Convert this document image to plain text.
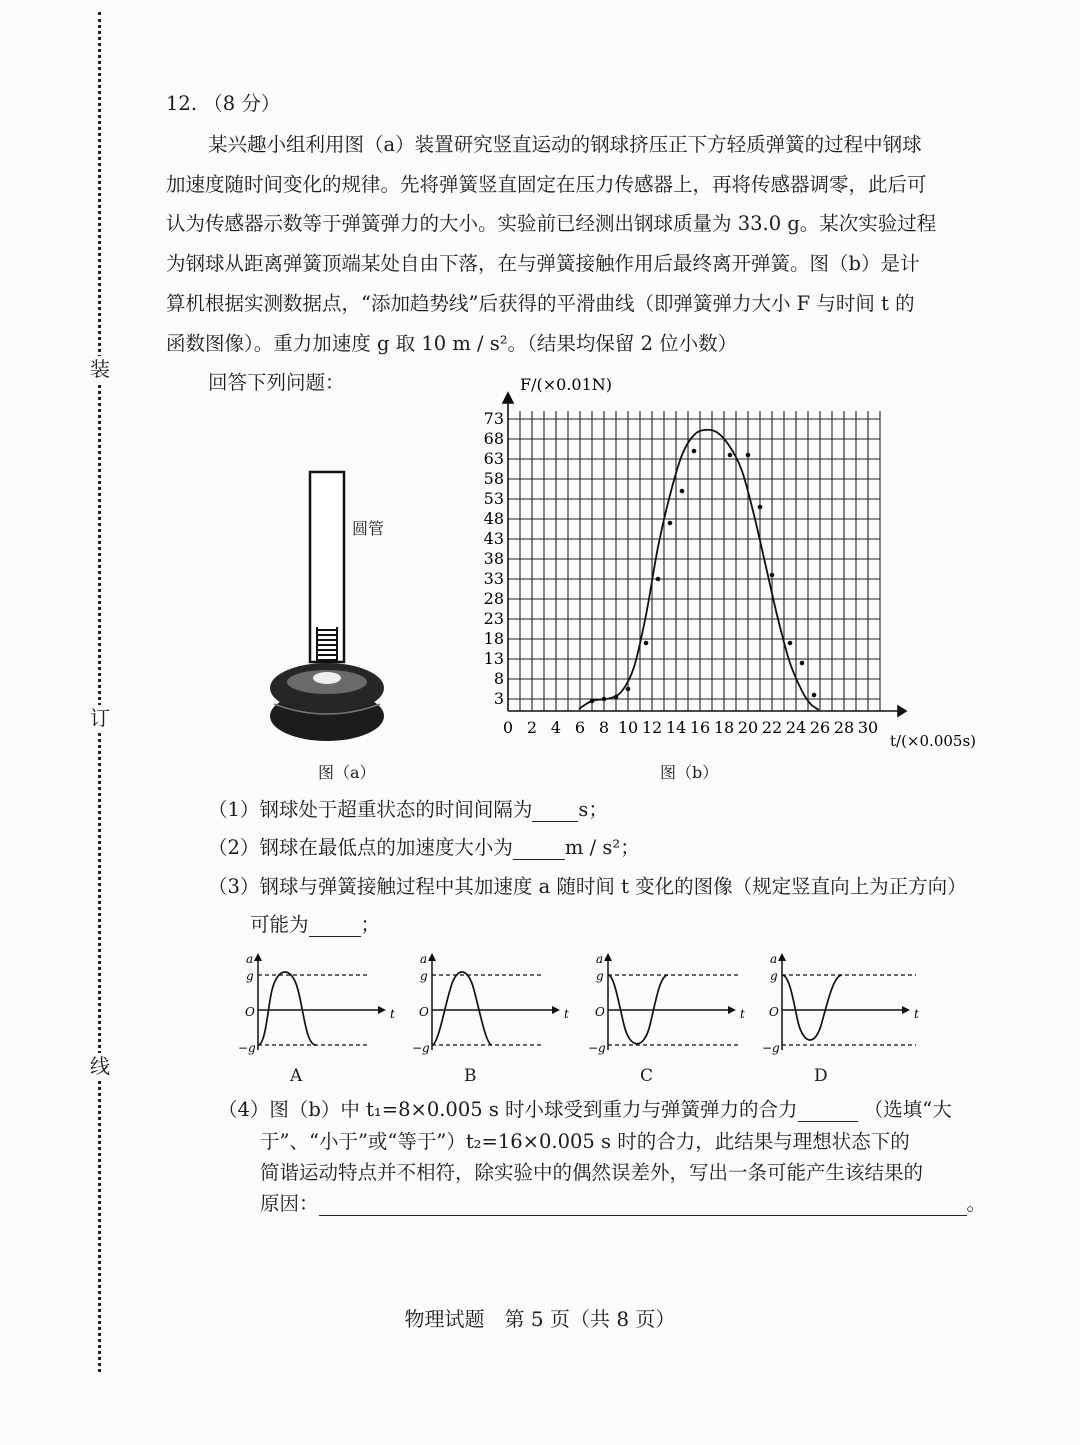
装
订
线
12. （8 分）
某兴趣小组利用图（a）装置研究竖直运动的钢球挤压正下方轻质弹簧的过程中钢球
加速度随时间变化的规律。先将弹簧竖直固定在压力传感器上，再将传感器调零，此后可
认为传感器示数等于弹簧弹力的大小。实验前已经测出钢球质量为 33.0 g。某次实验过程
为钢球从距离弹簧顶端某处自由下落，在与弹簧接触作用后最终离开弹簧。图（b）是计
算机根据实测数据点，“添加趋势线”后获得的平滑曲线（即弹簧弹力大小 F 与时间 t 的
函数图像）。重力加速度 g 取 10 m / s²。（结果均保留 2 位小数）
回答下列问题：
圆管
图（a）
0 2 4 6 8 10 12 14 16 18 20 22 24 26 28 30
3
8
13
18
23
28
33
38
43
48
53
58
63
68
73
F/(×0.01N)
t/(×0.005s)
图（b）
（1）钢球处于超重状态的时间间隔为 s；
（2）钢球在最低点的加速度大小为	m / s²；
（3）钢球与弹簧接触过程中其加速度 a 随时间 t 变化的图像（规定竖直向上为正方向）
可能为	；
a
g
O
−g
t
A
a
g
O
−g
t
B
a
g
O
−g
t
C
a
g
O
−g
t
D
（4）图（b）中 t₁=8×0.005 s 时小球受到重力与弹簧弹力的合力	（选填“大
于”、“小于”或“等于”）t₂=16×0.005 s 时的合力，此结果与理想状态下的
简谐运动特点并不相符，除实验中的偶然误差外，写出一条可能产生该结果的
原因：	。
物理试题　第 5 页（共 8 页）
